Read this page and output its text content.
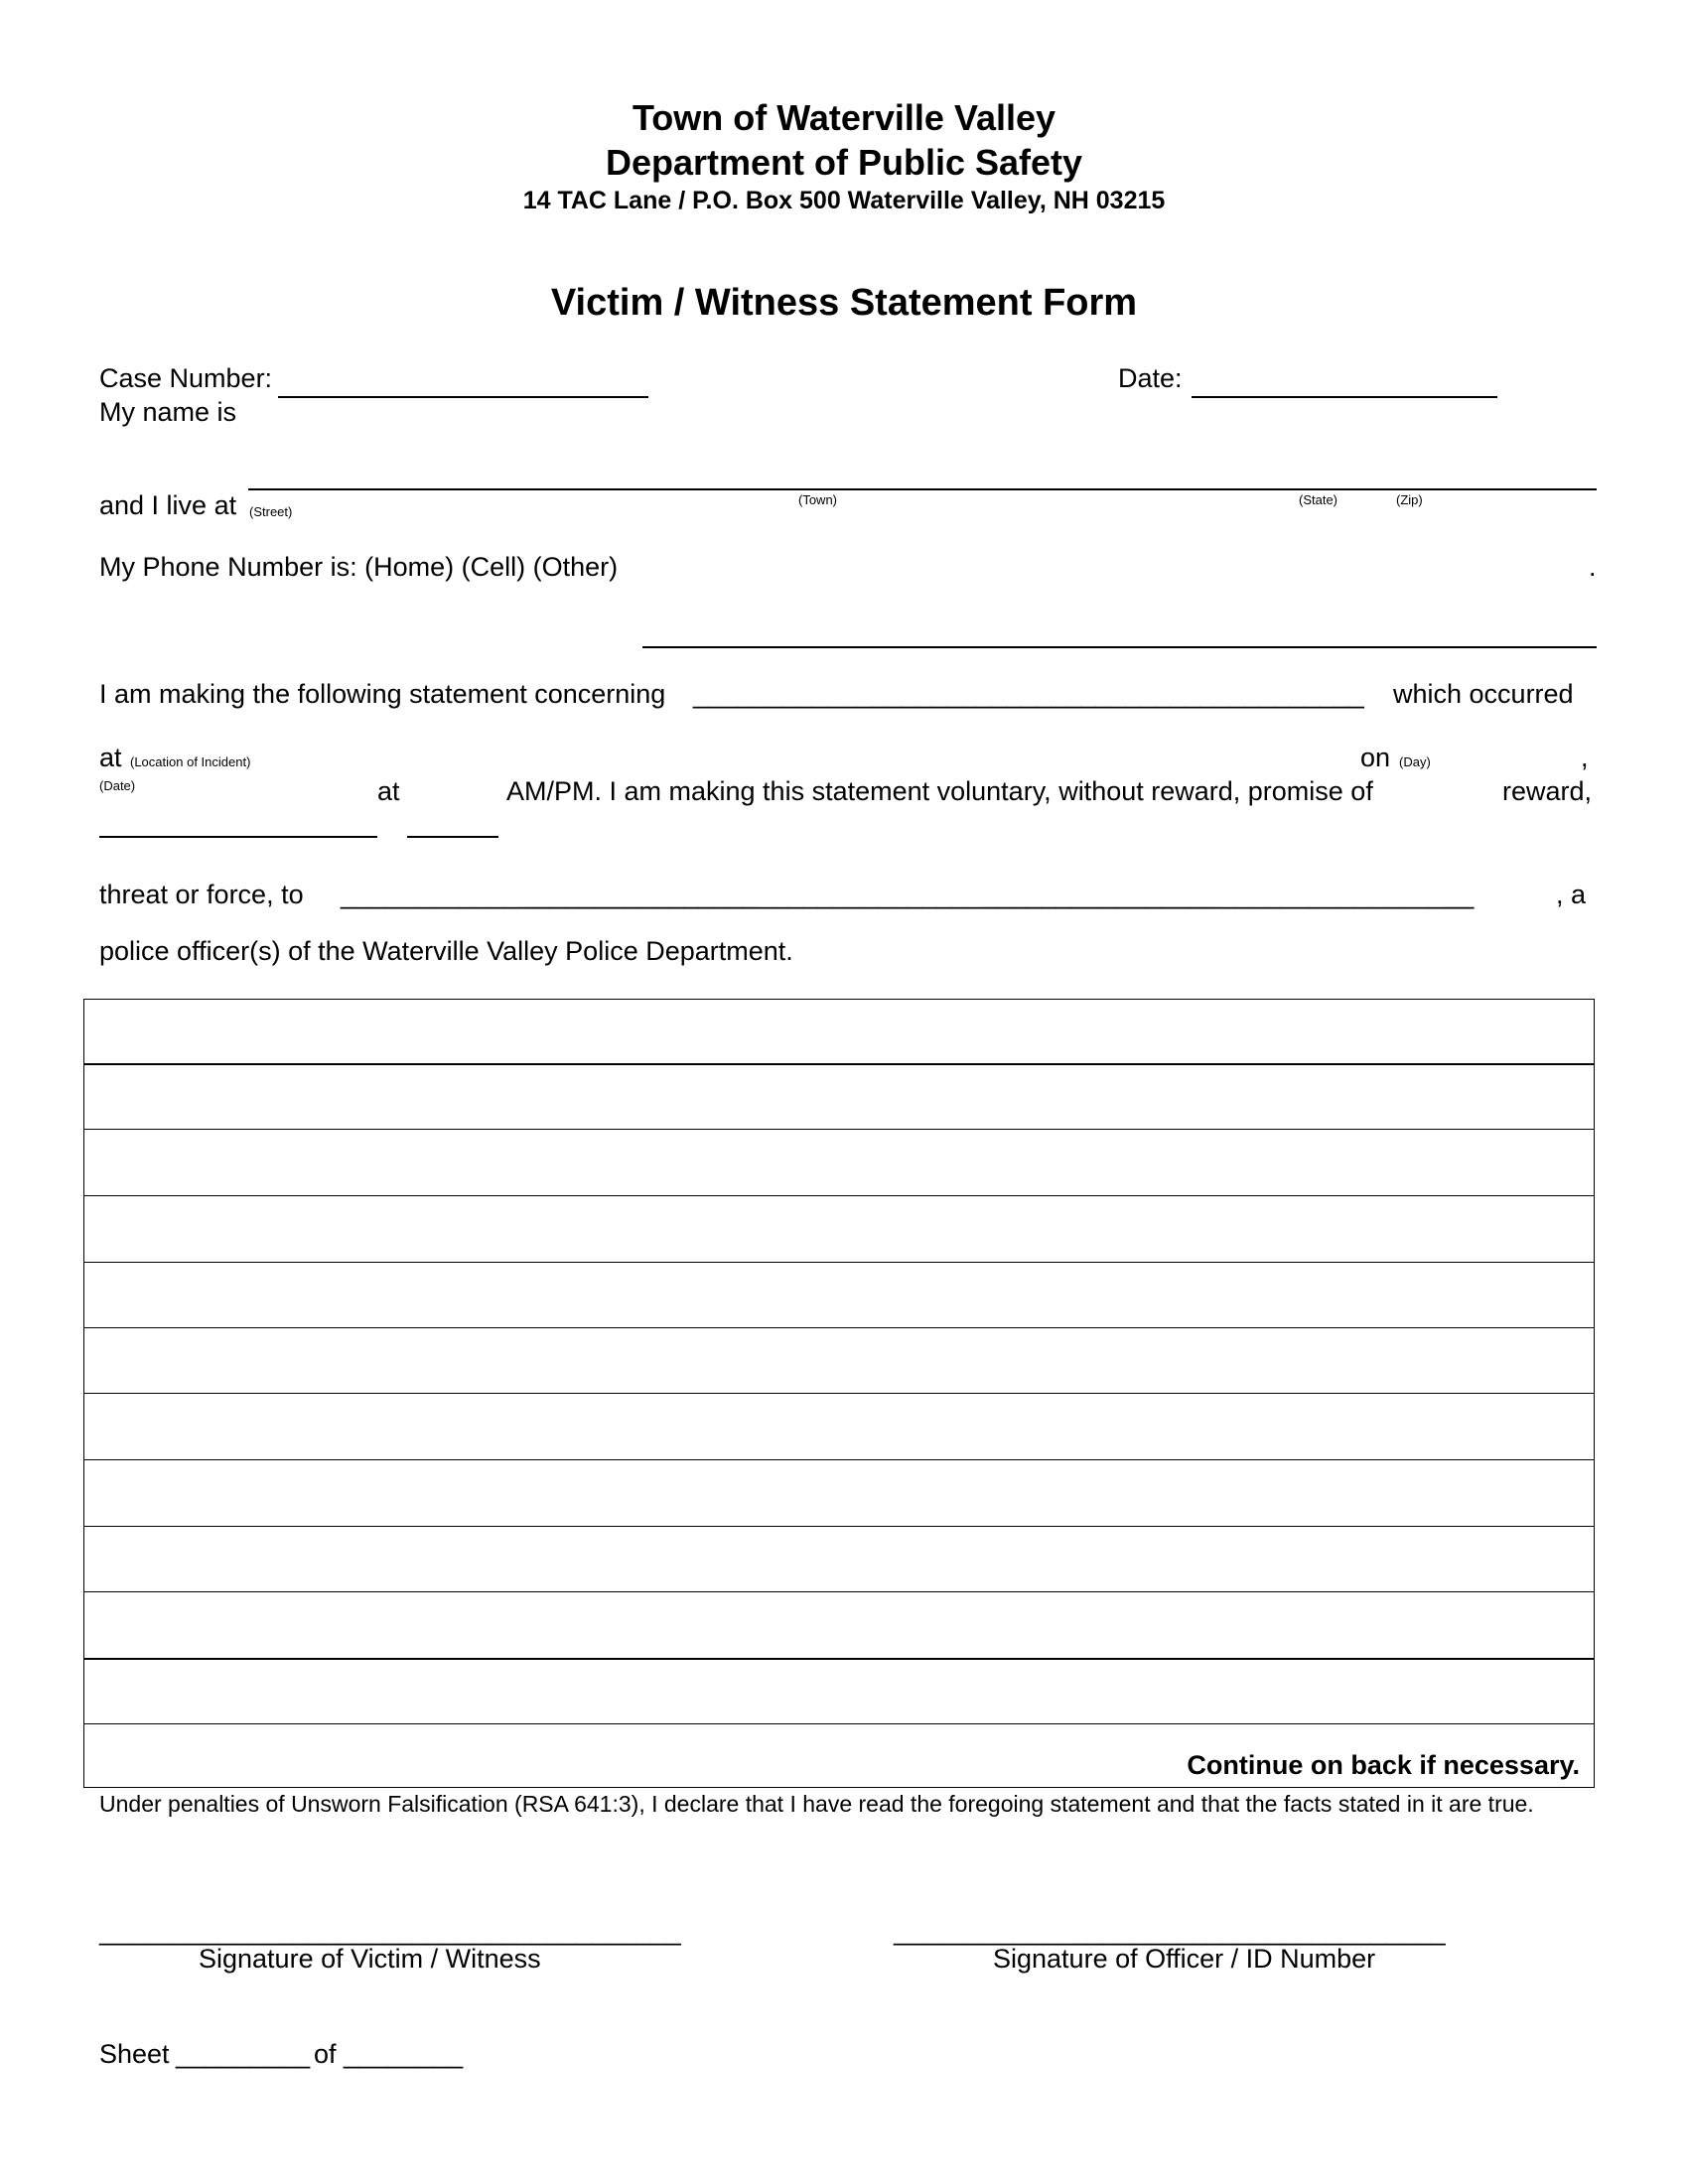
Town of Waterville Valley
Department of Public Safety
14 TAC Lane / P.O. Box 500 Waterville Valley, NH 03215
Victim / Witness Statement Form
Case Number:	Date:
My name is
and I live at (Street)
(Town)	(State)	(Zip)
My Phone Number is: (Home) (Cell) (Other)	.
I am making the following statement concerning _____________________________________________ which occurred
at (Location of Incident)	on (Day)	,
(Date)	at	AM/PM. I am making this statement voluntary, without reward, promise of	reward,
threat or force, to ____________________________________________________________________________	, a
police officer(s) of the Waterville Valley Police Department.
Continue on back if necessary.
Under penalties of Unsworn Falsification (RSA 641:3), I declare that I have read the foregoing statement and that the facts stated in it are true.
_______________________________________
Signature of Victim / Witness
_____________________________________
Signature of Officer / ID Number
Sheet _________ of ________
